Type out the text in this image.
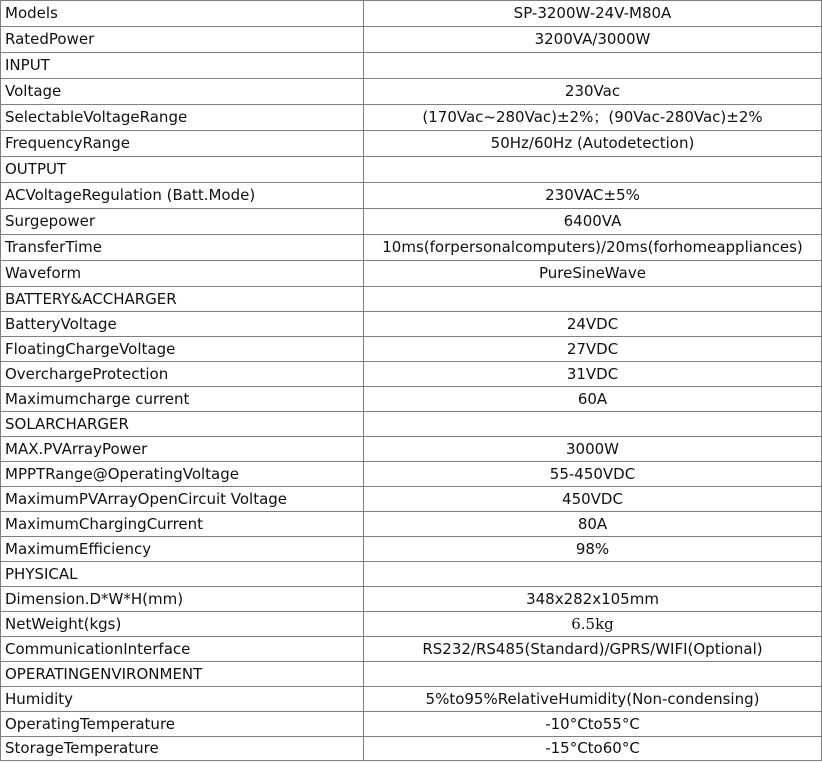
Models	SP-3200W-24V-M80A
RatedPower	3200VA/3000W
INPUT	
Voltage	230Vac
SelectableVoltageRange	(170Vac~280Vac)±2%；(90Vac-280Vac)±2%
FrequencyRange	50Hz/60Hz (Autodetection)
OUTPUT	
ACVoltageRegulation (Batt.Mode)	230VAC±5%
Surgepower	6400VA
TransferTime	10ms(forpersonalcomputers)/20ms(forhomeappliances)
Waveform	PureSineWave
BATTERY&ACCHARGER	
BatteryVoltage	24VDC
FloatingChargeVoltage	27VDC
OverchargeProtection	31VDC
Maximumcharge current	60A
SOLARCHARGER	
MAX.PVArrayPower	3000W
MPPTRange@OperatingVoltage	55-450VDC
MaximumPVArrayOpenCircuit Voltage	450VDC
MaximumChargingCurrent	80A
MaximumEfficiency	98%
PHYSICAL	
Dimension.D*W*H(mm)	348x282x105mm
NetWeight(kgs)	6.5kg
CommunicationInterface	RS232/RS485(Standard)/GPRS/WIFI(Optional)
OPERATINGENVIRONMENT	
Humidity	5%to95%RelativeHumidity(Non-condensing)
OperatingTemperature	-10°Cto55°C
StorageTemperature	-15°Cto60°C
